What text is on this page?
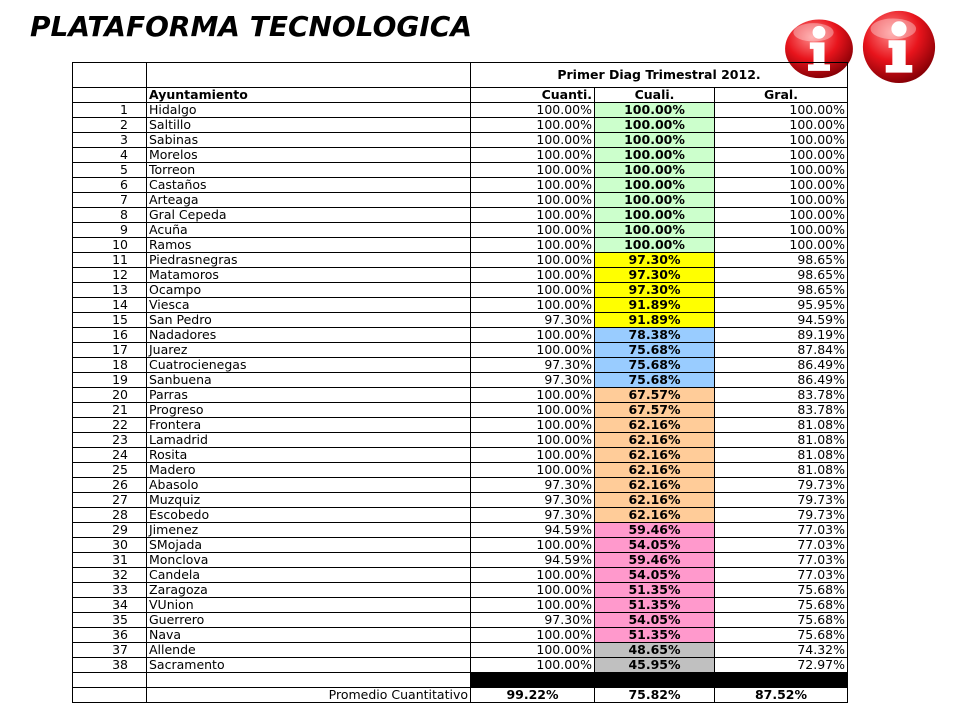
PLATAFORMA TECNOLOGICA
		Primer Diag Trimestral 2012.		
	Ayuntamiento	Cuanti.	Cuali.	Gral.
1	Hidalgo	100.00%	100.00%	100.00%
2	Saltillo	100.00%	100.00%	100.00%
3	Sabinas	100.00%	100.00%	100.00%
4	Morelos	100.00%	100.00%	100.00%
5	Torreon	100.00%	100.00%	100.00%
6	Castaños	100.00%	100.00%	100.00%
7	Arteaga	100.00%	100.00%	100.00%
8	Gral Cepeda	100.00%	100.00%	100.00%
9	Acuña	100.00%	100.00%	100.00%
10	Ramos	100.00%	100.00%	100.00%
11	Piedrasnegras	100.00%	97.30%	98.65%
12	Matamoros	100.00%	97.30%	98.65%
13	Ocampo	100.00%	97.30%	98.65%
14	Viesca	100.00%	91.89%	95.95%
15	San Pedro	97.30%	91.89%	94.59%
16	Nadadores	100.00%	78.38%	89.19%
17	Juarez	100.00%	75.68%	87.84%
18	Cuatrocienegas	97.30%	75.68%	86.49%
19	Sanbuena	97.30%	75.68%	86.49%
20	Parras	100.00%	67.57%	83.78%
21	Progreso	100.00%	67.57%	83.78%
22	Frontera	100.00%	62.16%	81.08%
23	Lamadrid	100.00%	62.16%	81.08%
24	Rosita	100.00%	62.16%	81.08%
25	Madero	100.00%	62.16%	81.08%
26	Abasolo	97.30%	62.16%	79.73%
27	Muzquiz	97.30%	62.16%	79.73%
28	Escobedo	97.30%	62.16%	79.73%
29	Jimenez	94.59%	59.46%	77.03%
30	SMojada	100.00%	54.05%	77.03%
31	Monclova	94.59%	59.46%	77.03%
32	Candela	100.00%	54.05%	77.03%
33	Zaragoza	100.00%	51.35%	75.68%
34	VUnion	100.00%	51.35%	75.68%
35	Guerrero	97.30%	54.05%	75.68%
36	Nava	100.00%	51.35%	75.68%
37	Allende	100.00%	48.65%	74.32%
38	Sacramento	100.00%	45.95%	72.97%

	Promedio Cuantitativo	99.22%	75.82%	87.52%
